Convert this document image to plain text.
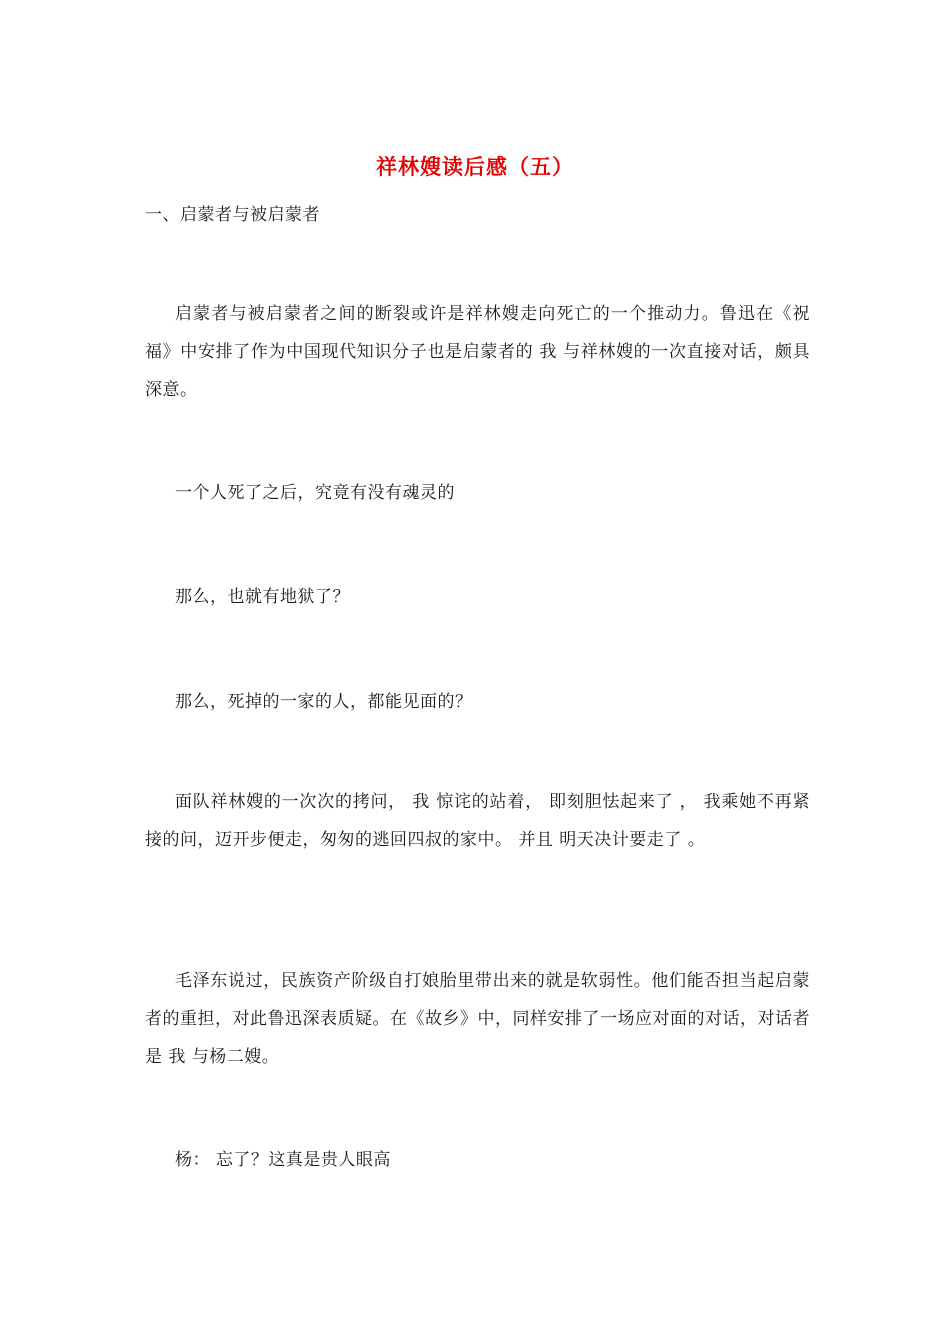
祥林嫂读后感（五）
一、启蒙者与被启蒙者
启蒙者与被启蒙者之间的断裂或许是祥林嫂走向死亡的一个推动力。鲁迅在《祝福》中安排了作为中国现代知识分子也是启蒙者的 我 与祥林嫂的一次直接对话，颇具深意。
一个人死了之后，究竟有没有魂灵的
那么，也就有地狱了？
那么，死掉的一家的人，都能见面的？
面队祥林嫂的一次次的拷问， 我 惊诧的站着， 即刻胆怯起来了 ， 我乘她不再紧接的问，迈开步便走，匆匆的逃回四叔的家中。 并且 明天决计要走了 。
毛泽东说过，民族资产阶级自打娘胎里带出来的就是软弱性。他们能否担当起启蒙者的重担，对此鲁迅深表质疑。在《故乡》中，同样安排了一场应对面的对话，对话者是 我 与杨二嫂。
杨： 忘了？这真是贵人眼高
